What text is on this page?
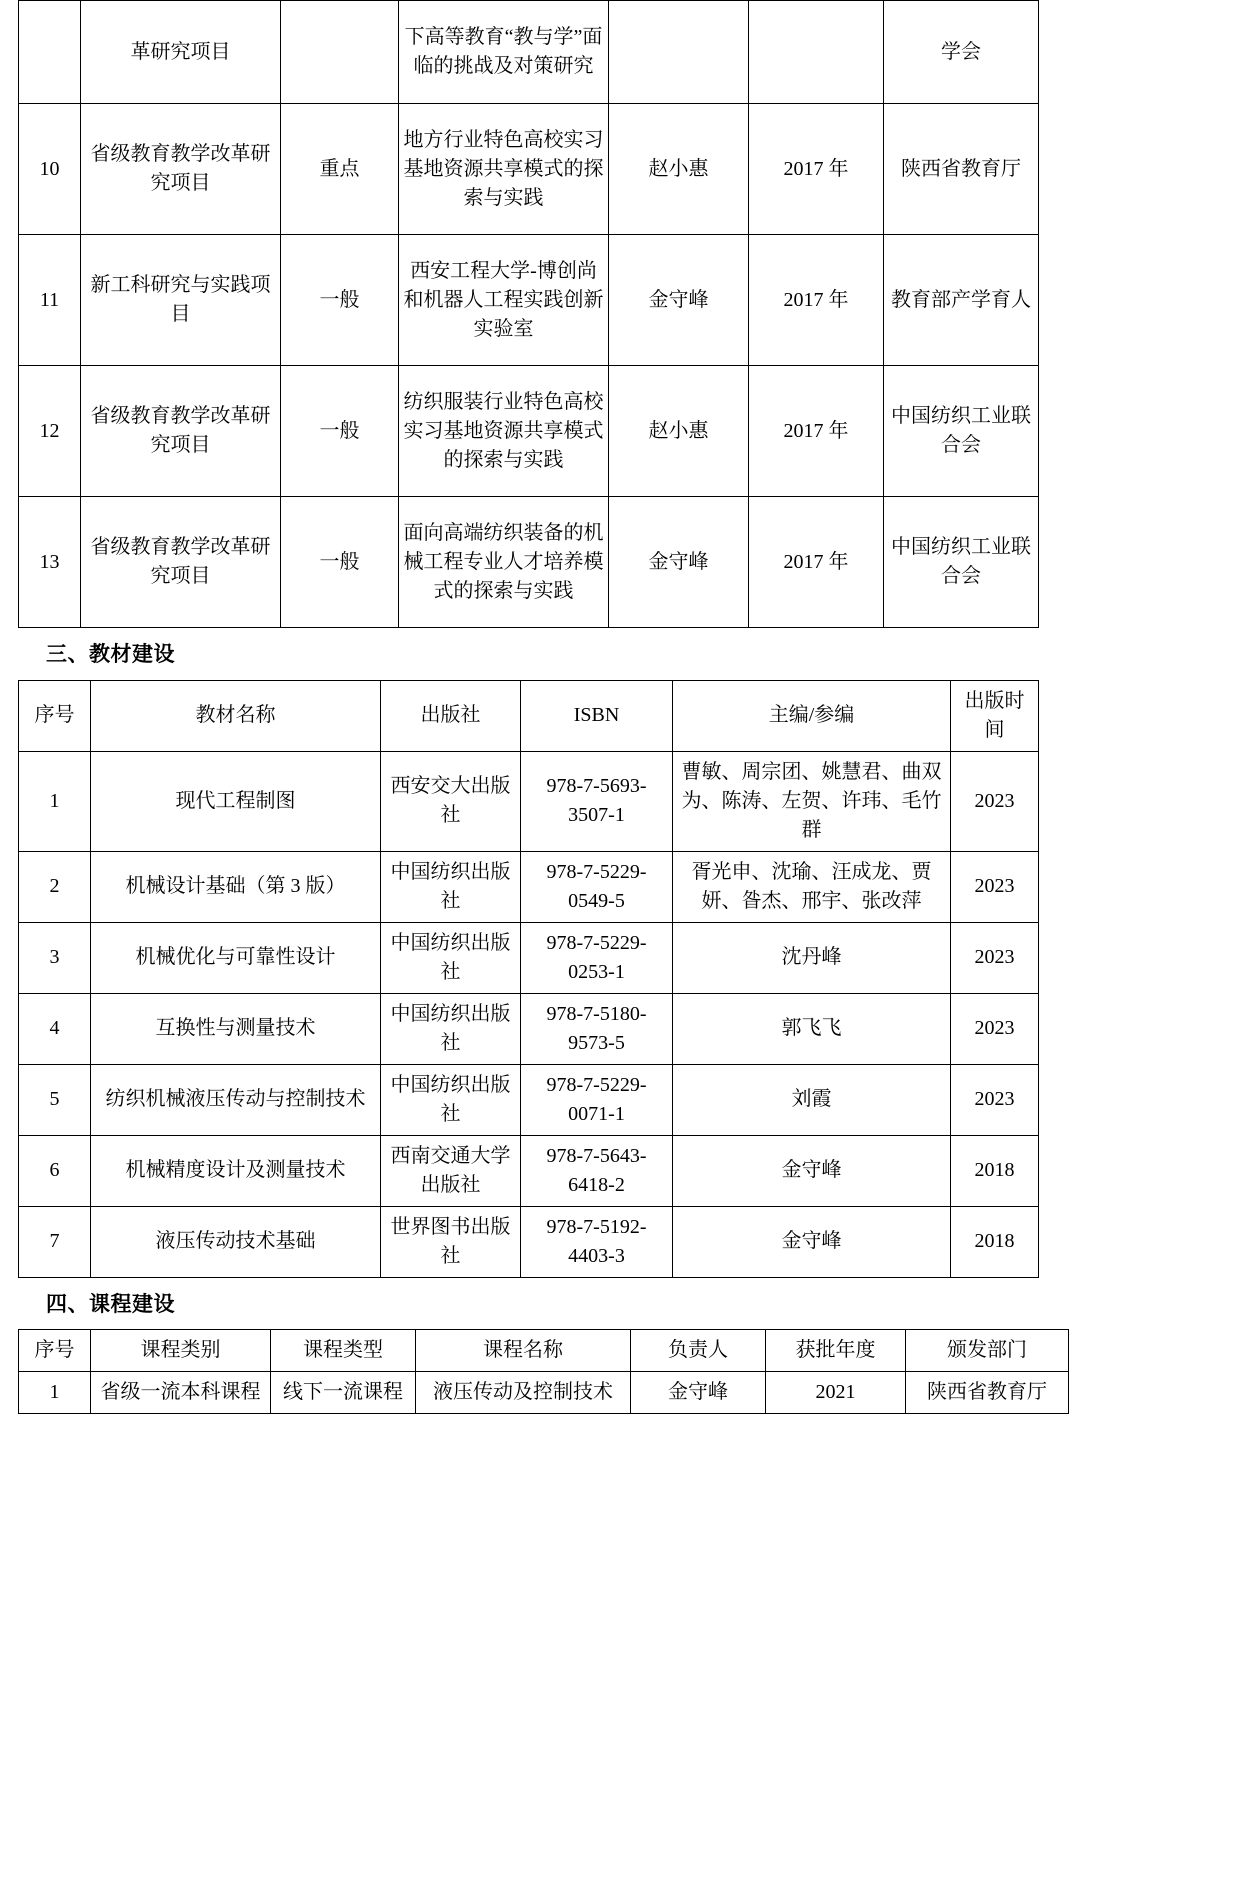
	革研究项目		下高等教育“教与学”面临的挑战及对策研究			学会
10	省级教育教学改革研究项目	重点	地方行业特色高校实习基地资源共享模式的探索与实践	赵小惠	2017 年	陕西省教育厅
11	新工科研究与实践项目	一般	西安工程大学-博创尚和机器人工程实践创新实验室	金守峰	2017 年	教育部产学育人
12	省级教育教学改革研究项目	一般	纺织服装行业特色高校实习基地资源共享模式的探索与实践	赵小惠	2017 年	中国纺织工业联合会
13	省级教育教学改革研究项目	一般	面向高端纺织装备的机械工程专业人才培养模式的探索与实践	金守峰	2017 年	中国纺织工业联合会
三、教材建设
序号	教材名称	出版社	ISBN	主编/参编	出版时间
1	现代工程制图	西安交大出版社	978-7-5693-3507-1	曹敏、周宗团、姚慧君、曲双为、陈涛、左贺、许玮、毛竹群	2023
2	机械设计基础（第 3 版）	中国纺织出版社	978-7-5229-0549-5	胥光申、沈瑜、汪成龙、贾妍、昝杰、邢宇、张改萍	2023
3	机械优化与可靠性设计	中国纺织出版社	978-7-5229-0253-1	沈丹峰	2023
4	互换性与测量技术	中国纺织出版社	978-7-5180-9573-5	郭飞飞	2023
5	纺织机械液压传动与控制技术	中国纺织出版社	978-7-5229-0071-1	刘霞	2023
6	机械精度设计及测量技术	西南交通大学出版社	978-7-5643-6418-2	金守峰	2018
7	液压传动技术基础	世界图书出版社	978-7-5192-4403-3	金守峰	2018
四、课程建设
序号	课程类别	课程类型	课程名称	负责人	获批年度	颁发部门
1	省级一流本科课程	线下一流课程	液压传动及控制技术	金守峰	2021	陕西省教育厅
